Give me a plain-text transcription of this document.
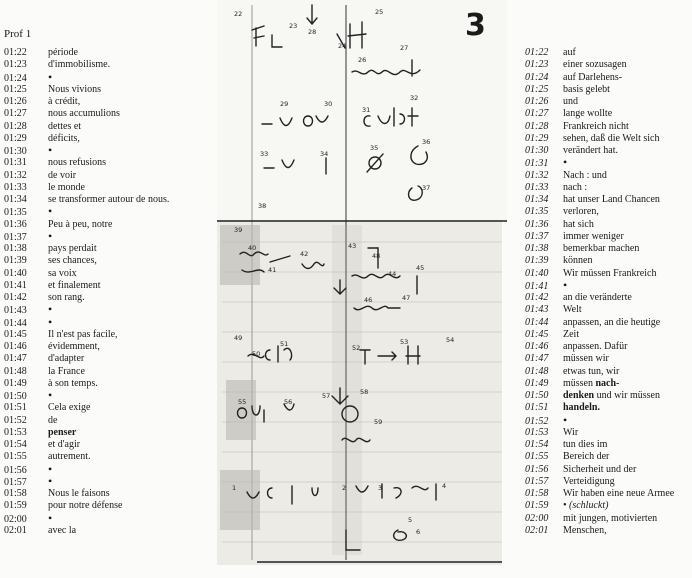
Prof 1
01:22 période
01:23 d'immobilisme.
01:24 •
01:25 Nous vivions
01:26 à crédit,
01:27 nous accumulions
01:28 dettes et
01:29 déficits,
01:30 •
01:31 nous refusions
01:32 de voir
01:33 le monde
01:34 se transformer autour de nous.
01:35 •
01:36 Peu à peu, notre
01:37 •
01:38 pays perdait
01:39 ses chances,
01:40 sa voix
01:41 et finalement
01:42 son rang.
01:43 •
01:44 •
01:45 Il n'est pas facile,
01:46 évidemment,
01:47 d'adapter
01:48 la France
01:49 à son temps.
01:50 •
01:51 Cela exige
01:52 de
01:53 penser
01:54 et d'agir
01:55 autrement.
01:56 •
01:57 •
01:58 Nous le faisons
01:59 pour notre défense
02:00 •
02:01 avec la
22
23
28
24
25
26
27
29	30
31
32
33	34
35
36
37
38
39
40
41
42
43
44
45
46	47
48
49
50
51	52
53	54
55	56
57	58
59
1	2	3	4
5
6
3
01:22 auf
01:23 einer sozusagen
01:24 auf Darlehens-
01:25 basis gelebt
01:26 und
01:27 lange wollte
01:28 Frankreich nicht
01:29 sehen, daß die Welt sich
01:30 verändert hat.
01:31 •
01:32 Nach : und
01:33 nach :
01:34 hat unser Land Chancen
01:35 verloren,
01:36 hat sich
01:37 immer weniger
01:38 bemerkbar machen
01:39 können
01:40 Wir müssen Frankreich
01:41 •
01:42 an die veränderte
01:43 Welt
01:44 anpassen, an die heutige
01:45 Zeit
01:46 anpassen. Dafür
01:47 müssen wir
01:48 etwas tun, wir
01:49 müssen nach-
01:50 denken und wir müssen
01:51 handeln.
01:52 •
01:53 Wir
01:54 tun dies im
01:55 Bereich der
01:56 Sicherheit und der
01:57 Verteidigung
01:58 Wir haben eine neue Armee
01:59 • (schluckt)
02:00 mit jungen, motivierten
02:01 Menschen,
